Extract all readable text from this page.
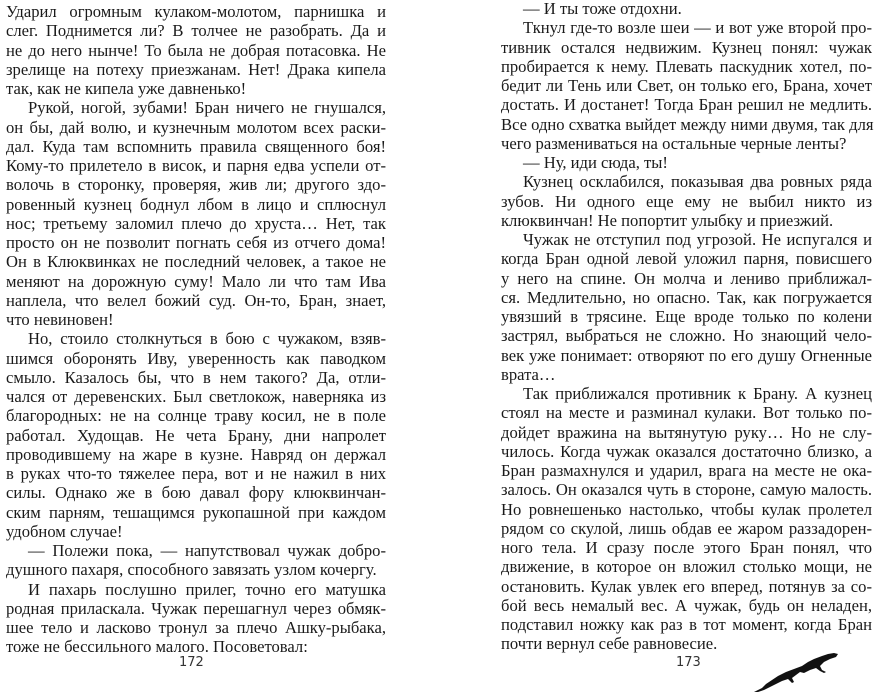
Ударил огромным кулаком-молотом, парнишка и
слег. Поднимется ли? В толчее не разобрать. Да и
не до него нынче! То была не добрая потасовка. Не
зрелище на потеху приезжанам. Нет! Драка кипела
так, как не кипела уже давненько!
Рукой, ногой, зубами! Бран ничего не гнушался,
он бы, дай волю, и кузнечным молотом всех раски-
дал. Куда там вспомнить правила священного боя!
Кому-то прилетело в висок, и парня едва успели от-
волочь в сторонку, проверяя, жив ли; другого здо-
ровенный кузнец боднул лбом в лицо и сплюснул
нос; третьему заломил плечо до хруста… Нет, так
просто он не позволит погнать себя из отчего дома!
Он в Клюквинках не последний человек, а такое не
меняют на дорожную суму! Мало ли что там Ива
наплела, что велел божий суд. Он-то, Бран, знает,
что невиновен!
Но, стоило столкнуться в бою с чужаком, взяв-
шимся оборонять Иву, уверенность как паводком
смыло. Казалось бы, что в нем такого? Да, отли-
чался от деревенских. Был светлокож, наверняка из
благородных: не на солнце траву косил, не в поле
работал. Худощав. Не чета Брану, дни напролет
проводившему на жаре в кузне. Навряд он держал
в руках что-то тяжелее пера, вот и не нажил в них
силы. Однако же в бою давал фору клюквинчан-
ским парням, тешащимся рукопашной при каждом
удобном случае!
— Полежи пока, — напутствовал чужак добро-
душного пахаря, способного завязать узлом кочергу.
И пахарь послушно прилег, точно его матушка
родная приласкала. Чужак перешагнул через обмяк-
шее тело и ласково тронул за плечо Ашку-рыбака,
тоже не бессильного малого. Посоветовал:
172
— И ты тоже отдохни.
Ткнул где-то возле шеи — и вот уже второй про-
тивник остался недвижим. Кузнец понял: чужак
пробирается к нему. Плевать паскудник хотел, по-
бедит ли Тень или Свет, он только его, Брана, хочет
достать. И достанет! Тогда Бран решил не медлить.
Все одно схватка выйдет между ними двумя, так для
чего размениваться на остальные черные ленты?
— Ну, иди сюда, ты!
Кузнец осклабился, показывая два ровных ряда
зубов. Ни одного еще ему не выбил никто из
клюквинчан! Не попортит улыбку и приезжий.
Чужак не отступил под угрозой. Не испугался и
когда Бран одной левой уложил парня, повисшего
у него на спине. Он молча и лениво приближал-
ся. Медлительно, но опасно. Так, как погружается
увязший в трясине. Еще вроде только по колени
застрял, выбраться не сложно. Но знающий чело-
век уже понимает: отворяют по его душу Огненные
врата…
Так приближался противник к Брану. А кузнец
стоял на месте и разминал кулаки. Вот только по-
дойдет вражина на вытянутую руку… Но не слу-
чилось. Когда чужак оказался достаточно близко, а
Бран размахнулся и ударил, врага на месте не ока-
залось. Он оказался чуть в стороне, самую малость.
Но ровнешенько настолько, чтобы кулак пролетел
рядом со скулой, лишь обдав ее жаром раззадорен-
ного тела. И сразу после этого Бран понял, что
движение, в которое он вложил столько мощи, не
остановить. Кулак увлек его вперед, потянув за со-
бой весь немалый вес. А чужак, будь он неладен,
подставил ножку как раз в тот момент, когда Бран
почти вернул себе равновесие.
173
